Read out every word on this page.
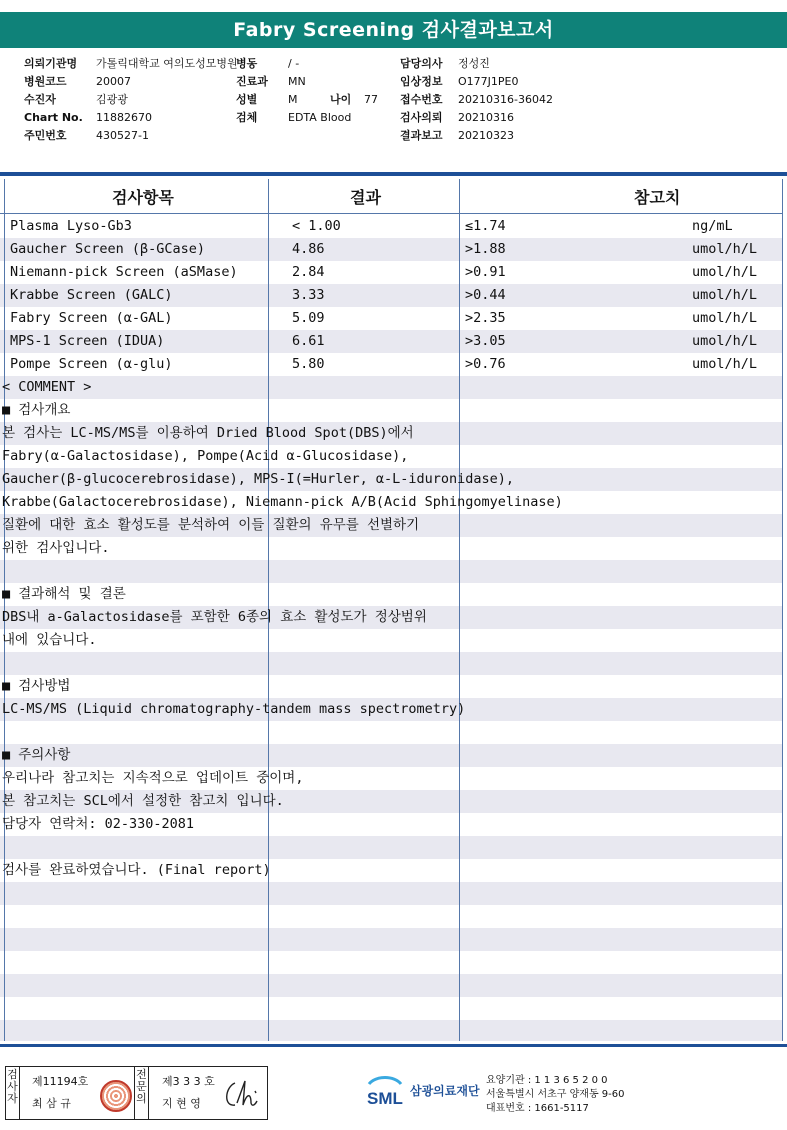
Fabry Screening 검사결과보고서
의뢰기관명 가톨릭대학교 여의도성모병원
병원코드	20007
수진자	김광광
Chart No. 11882670
주민번호	430527-1
병동	/ -
진료과 MN
성별	M	나이 77
검체	EDTA Blood
담당의사 정성진
임상정보 O177J1PE0
접수번호 20210316-36042
검사의뢰 20210316
결과보고 20210323
검사항목	결과	참고치
Plasma Lyso-Gb3	< 1.00	≤1.74	ng/mL
Gaucher Screen (β-GCase)	4.86	>1.88	umol/h/L
Niemann-pick Screen (aSMase)	2.84	>0.91	umol/h/L
Krabbe Screen (GALC)	3.33	>0.44	umol/h/L
Fabry Screen (α-GAL)	5.09	>2.35	umol/h/L
MPS-1 Screen (IDUA)	6.61	>3.05	umol/h/L
Pompe Screen (α-glu)	5.80	>0.76	umol/h/L
< COMMENT >
■ 검사개요
본 검사는 LC-MS/MS를 이용하여 Dried Blood Spot(DBS)에서
Fabry(α-Galactosidase), Pompe(Acid α-Glucosidase),
Gaucher(β-glucocerebrosidase), MPS-I(=Hurler, α-L-iduronidase),
Krabbe(Galactocerebrosidase), Niemann-pick A/B(Acid Sphingomyelinase)
질환에 대한 효소 활성도를 분석하여 이들 질환의 유무를 선별하기
위한 검사입니다.
■ 결과해석 및 결론
DBS내 a-Galactosidase를 포함한 6종의 효소 활성도가 정상범위
내에 있습니다.
■ 검사방법
LC-MS/MS (Liquid chromatography-tandem mass spectrometry)
■ 주의사항
우리나라 참고치는 지속적으로 업데이트 중이며,
본 참고치는 SCL에서 설정한 참고치 입니다.
담당자 연락처: 02-330-2081
검사를 완료하였습니다. (Final report)
검사자
제11194호
최 삼 규
전문의
제3 3 3 호
지 현 영	SML 삼광의료재단
요양기관 : 1 1 3 6 5 2 0 0
서울특별시 서초구 양재동 9-60
대표번호 : 1661-5117
